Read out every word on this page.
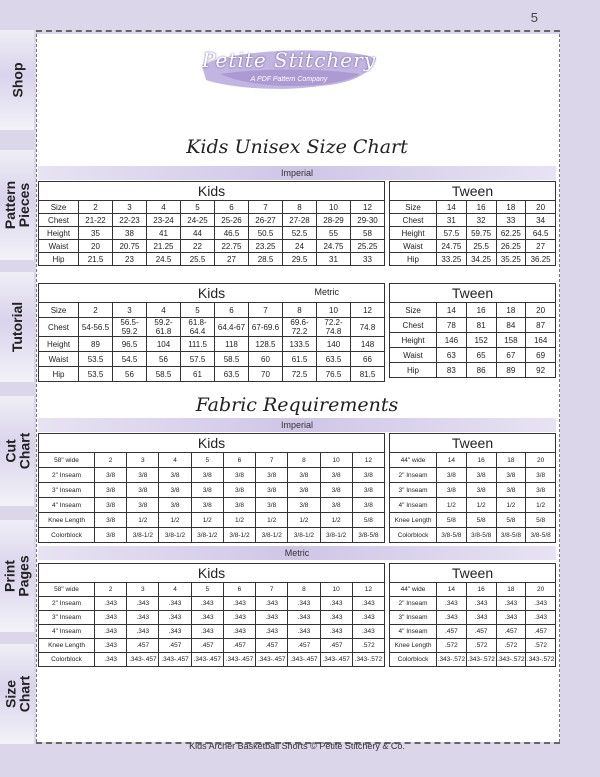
5
Shop
Pattern Pieces
Tutorial
Cut Chart
Print Pages
Size Chart
Petite Stitchery
A PDF Pattern Company
Kids Unisex Size Chart
Imperial
Kids									
Size	2	3	4	5	6	7	8	10	12
Chest	21-22	22-23	23-24	24-25	25-26	26-27	27-28	28-29	29-30
Height	35	38	41	44	46.5	50.5	52.5	55	58
Waist	20	20.75	21.25	22	22.75	23.25	24	24.75	25.25
Hip	21.5	23	24.5	25.5	27	28.5	29.5	31	33
Tween				
Size	14	16	18	20
Chest	31	32	33	34
Height	57.5	59.75	62.25	64.5
Waist	24.75	25.5	26.25	27
Hip	33.25	34.25	35.25	36.25
Kids Metric									

Size	2	3	4	5	6	7	8	10	12
Chest	54-56.5	56.5-59.2	59.2-61.8	61.8-64.4	64.4-67	67-69.6	69.6-72.2	72.2-74.8	74.8
Height	89	96.5	104	111.5	118	128.5	133.5	140	148
Waist	53.5	54.5	56	57.5	58.5	60	61.5	63.5	66
Hip	53.5	56	58.5	61	63.5	70	72.5	76.5	81.5
Tween				
Size	14	16	18	20
Chest	78	81	84	87
Height	146	152	158	164
Waist	63	65	67	69
Hip	83	86	89	92
Fabric Requirements
Imperial
Kids									
58" wide	2	3	4	5	6	7	8	10	12
2" Inseam	3/8	3/8	3/8	3/8	3/8	3/8	3/8	3/8	3/8
3" Inseam	3/8	3/8	3/8	3/8	3/8	3/8	3/8	3/8	3/8
4" Inseam	3/8	3/8	3/8	3/8	3/8	3/8	3/8	3/8	3/8
Knee Length	3/8	1/2	1/2	1/2	1/2	1/2	1/2	1/2	5/8
Colorblock	3/8	3/8-1/2	3/8-1/2	3/8-1/2	3/8-1/2	3/8-1/2	3/8-1/2	3/8-1/2	3/8-5/8
Tween				
44" wide	14	16	18	20
2" Inseam	3/8	3/8	3/8	3/8
3" Inseam	3/8	3/8	3/8	3/8
4" Inseam	1/2	1/2	1/2	1/2
Knee Length	5/8	5/8	5/8	5/8
Colorblock	3/8-5/8	3/8-5/8	3/8-5/8	3/8-5/8
Metric
Kids									
58" wide	2	3	4	5	6	7	8	10	12
2" Inseam	.343	.343	.343	.343	.343	.343	.343	.343	.343
3" Inseam	.343	.343	.343	.343	.343	.343	.343	.343	.343
4" Inseam	.343	.343	.343	.343	.343	.343	.343	.343	.343
Knee Length	.343	.457	.457	.457	.457	.457	.457	.457	.572
Colorblock	.343	.343-.457	.343-.457	.343-.457	.343-.457	.343-.457	.343-.457	.343-.457	.343-.572
Tween				
44" wide	14	16	18	20
2" Inseam	.343	.343	.343	.343
3" Inseam	.343	.343	.343	.343
4" Inseam	.457	.457	.457	.457
Knee Length	.572	.572	.572	.572
Colorblock	.343-.572	.343-.572	.343-.572	.343-.572
Kids Archer Basketball Shorts © Petite Stitchery & Co.
